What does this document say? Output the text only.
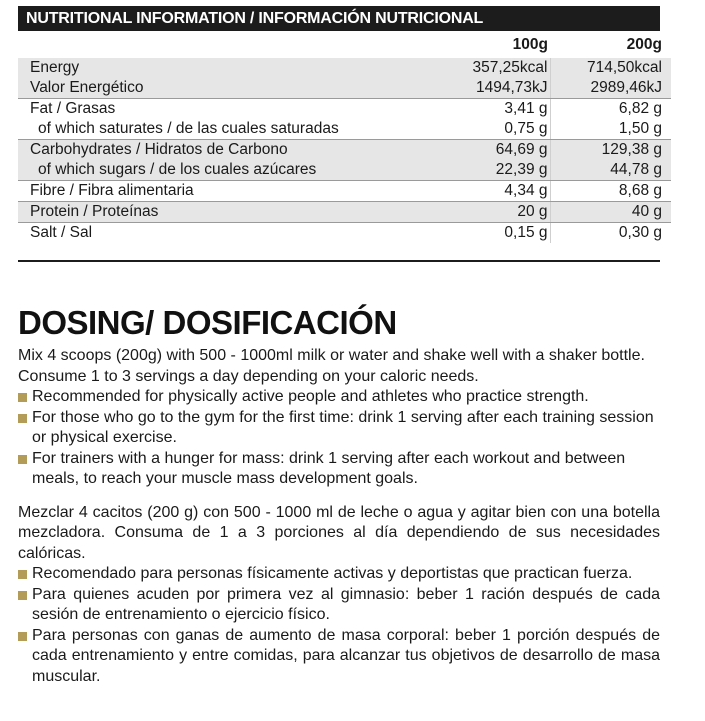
NUTRITIONAL INFORMATION / INFORMACIÓN NUTRICIONAL
	100g	200g
Energy	357,25kcal	714,50kcal
Valor Energético	1494,73kJ	2989,46kJ
Fat / Grasas	3,41 g	6,82 g
of which saturates / de las cuales saturadas	0,75 g	1,50 g
Carbohydrates / Hidratos de Carbono	64,69 g	129,38 g
of which sugars / de los cuales azúcares	22,39 g	44,78 g
Fibre / Fibra alimentaria	4,34 g	8,68 g
Protein / Proteínas	20 g	40 g
Salt / Sal	0,15 g	0,30 g
DOSING/ DOSIFICACIÓN

Mix 4 scoops (200g) with 500 - 1000ml milk or water and shake well with a shaker bottle. Consume 1 to 3 servings a day depending on your caloric needs.

Recommended for physically active people and athletes who practice strength.
For those who go to the gym for the first time: drink 1 serving after each training session or physical exercise.
For trainers with a hunger for mass: drink 1 serving after each workout and between meals, to reach your muscle mass development goals.

Mezclar 4 cacitos (200 g) con 500 - 1000 ml de leche o agua y agitar bien con una botella mezcladora. Consuma de 1 a 3 porciones al día dependiendo de sus necesidades calóricas.

Recomendado para personas físicamente activas y deportistas que practican fuerza.
Para quienes acuden por primera vez al gimnasio: beber 1 ración después de cada sesión de entrenamiento o ejercicio físico.
Para personas con ganas de aumento de masa corporal: beber 1 porción después de cada entrenamiento y entre comidas, para alcanzar tus objetivos de desarrollo de masa muscular.
